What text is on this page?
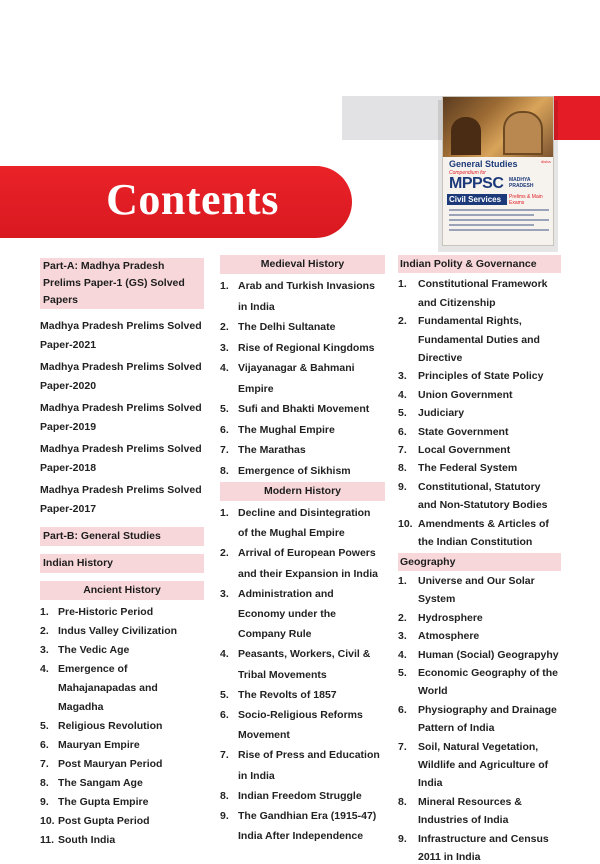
Contents
General Studies
Compendium for
MPPSC MADHYA PRADESH
Civil Services	Prelims & Main Exams
disha
Part-A: Madhya Pradesh
Prelims Paper-1 (GS) Solved
Papers
Madhya Pradesh Prelims Solved
Paper-2021
Madhya Pradesh Prelims Solved
Paper-2020
Madhya Pradesh Prelims Solved
Paper-2019
Madhya Pradesh Prelims Solved
Paper-2018
Madhya Pradesh Prelims Solved
Paper-2017
Part-B: General Studies
Indian History
Ancient History
1. Pre-Historic Period
2. Indus Valley Civilization
3. The Vedic Age
4. Emergence of
Mahajanapadas and
Magadha
5. Religious Revolution
6. Mauryan Empire
7. Post Mauryan Period
8. The Sangam Age
9. The Gupta Empire
10. Post Gupta Period
11. South India
Medieval History
1. Arab and Turkish Invasions
in India
2. The Delhi Sultanate
3. Rise of Regional Kingdoms
4. Vijayanagar & Bahmani
Empire
5. Sufi and Bhakti Movement
6. The Mughal Empire
7. The Marathas
8. Emergence of Sikhism
Modern History
1. Decline and Disintegration
of the Mughal Empire
2. Arrival of European Powers
and their Expansion in India
3. Administration and
Economy under the
Company Rule
4. Peasants, Workers, Civil &
Tribal Movements
5. The Revolts of 1857
6. Socio-Religious Reforms
Movement
7. Rise of Press and Education
in India
8. Indian Freedom Struggle
9. The Gandhian Era (1915-47)
India After Independence
Indian Polity & Governance
1.	Constitutional Framework
and Citizenship
2.	Fundamental Rights,
Fundamental Duties and
Directive
3.	Principles of State Policy
4.	Union Government
5.	Judiciary
6.	State Government
7.	Local Government
8.	The Federal System
9.	Constitutional, Statutory
and Non-Statutory Bodies
10. Amendments & Articles of
the Indian Constitution
Geography
1.	Universe and Our Solar
System
2.	Hydrosphere
3.	Atmosphere
4.	Human (Social) Geograpyhy
5.	Economic Geography of the
World
6.	Physiography and Drainage
Pattern of India
7.	Soil, Natural Vegetation,
Wildlife and Agriculture of
India
8.	Mineral Resources &
Industries of India
9.	Infrastructure and Census
2011 in India
